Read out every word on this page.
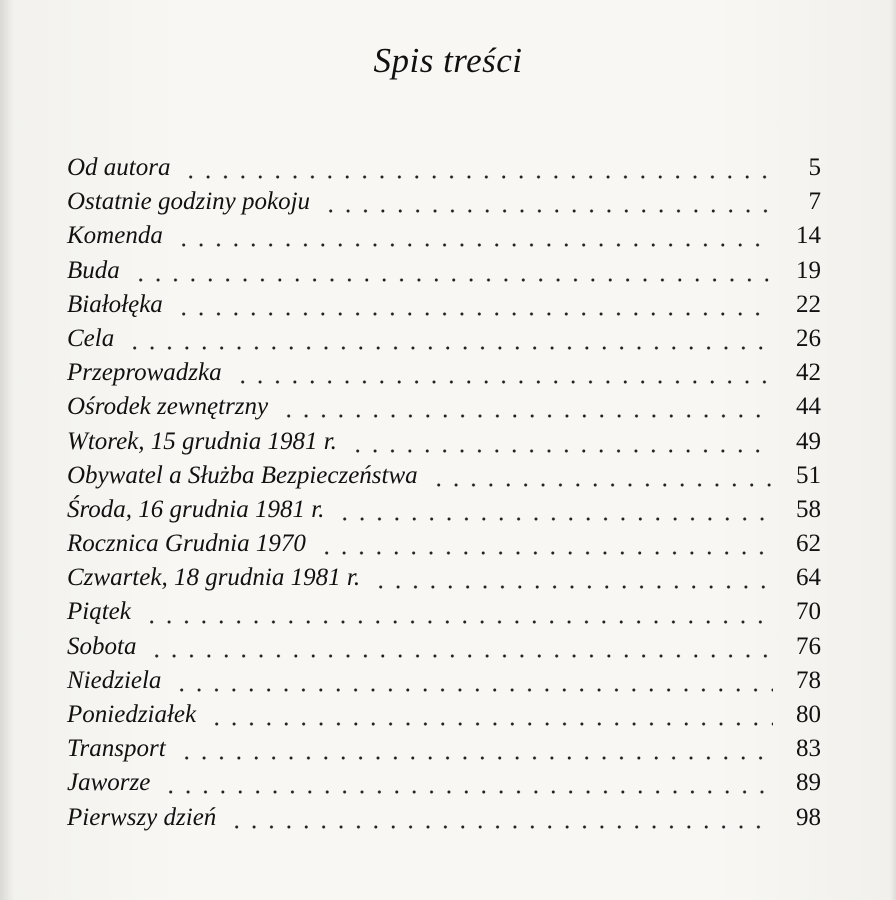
Spis treści
Od autora	5
Ostatnie godziny pokoju	7
Komenda	14
Buda	19
Białołęka	22
Cela	26
Przeprowadzka	42
Ośrodek zewnętrzny	44
Wtorek, 15 grudnia 1981 r.	49
Obywatel a Służba Bezpieczeństwa	51
Środa, 16 grudnia 1981 r.	58
Rocznica Grudnia 1970	62
Czwartek, 18 grudnia 1981 r.	64
Piątek	70
Sobota	76
Niedziela	78
Poniedziałek	80
Transport	83
Jaworze	89
Pierwszy dzień	98
